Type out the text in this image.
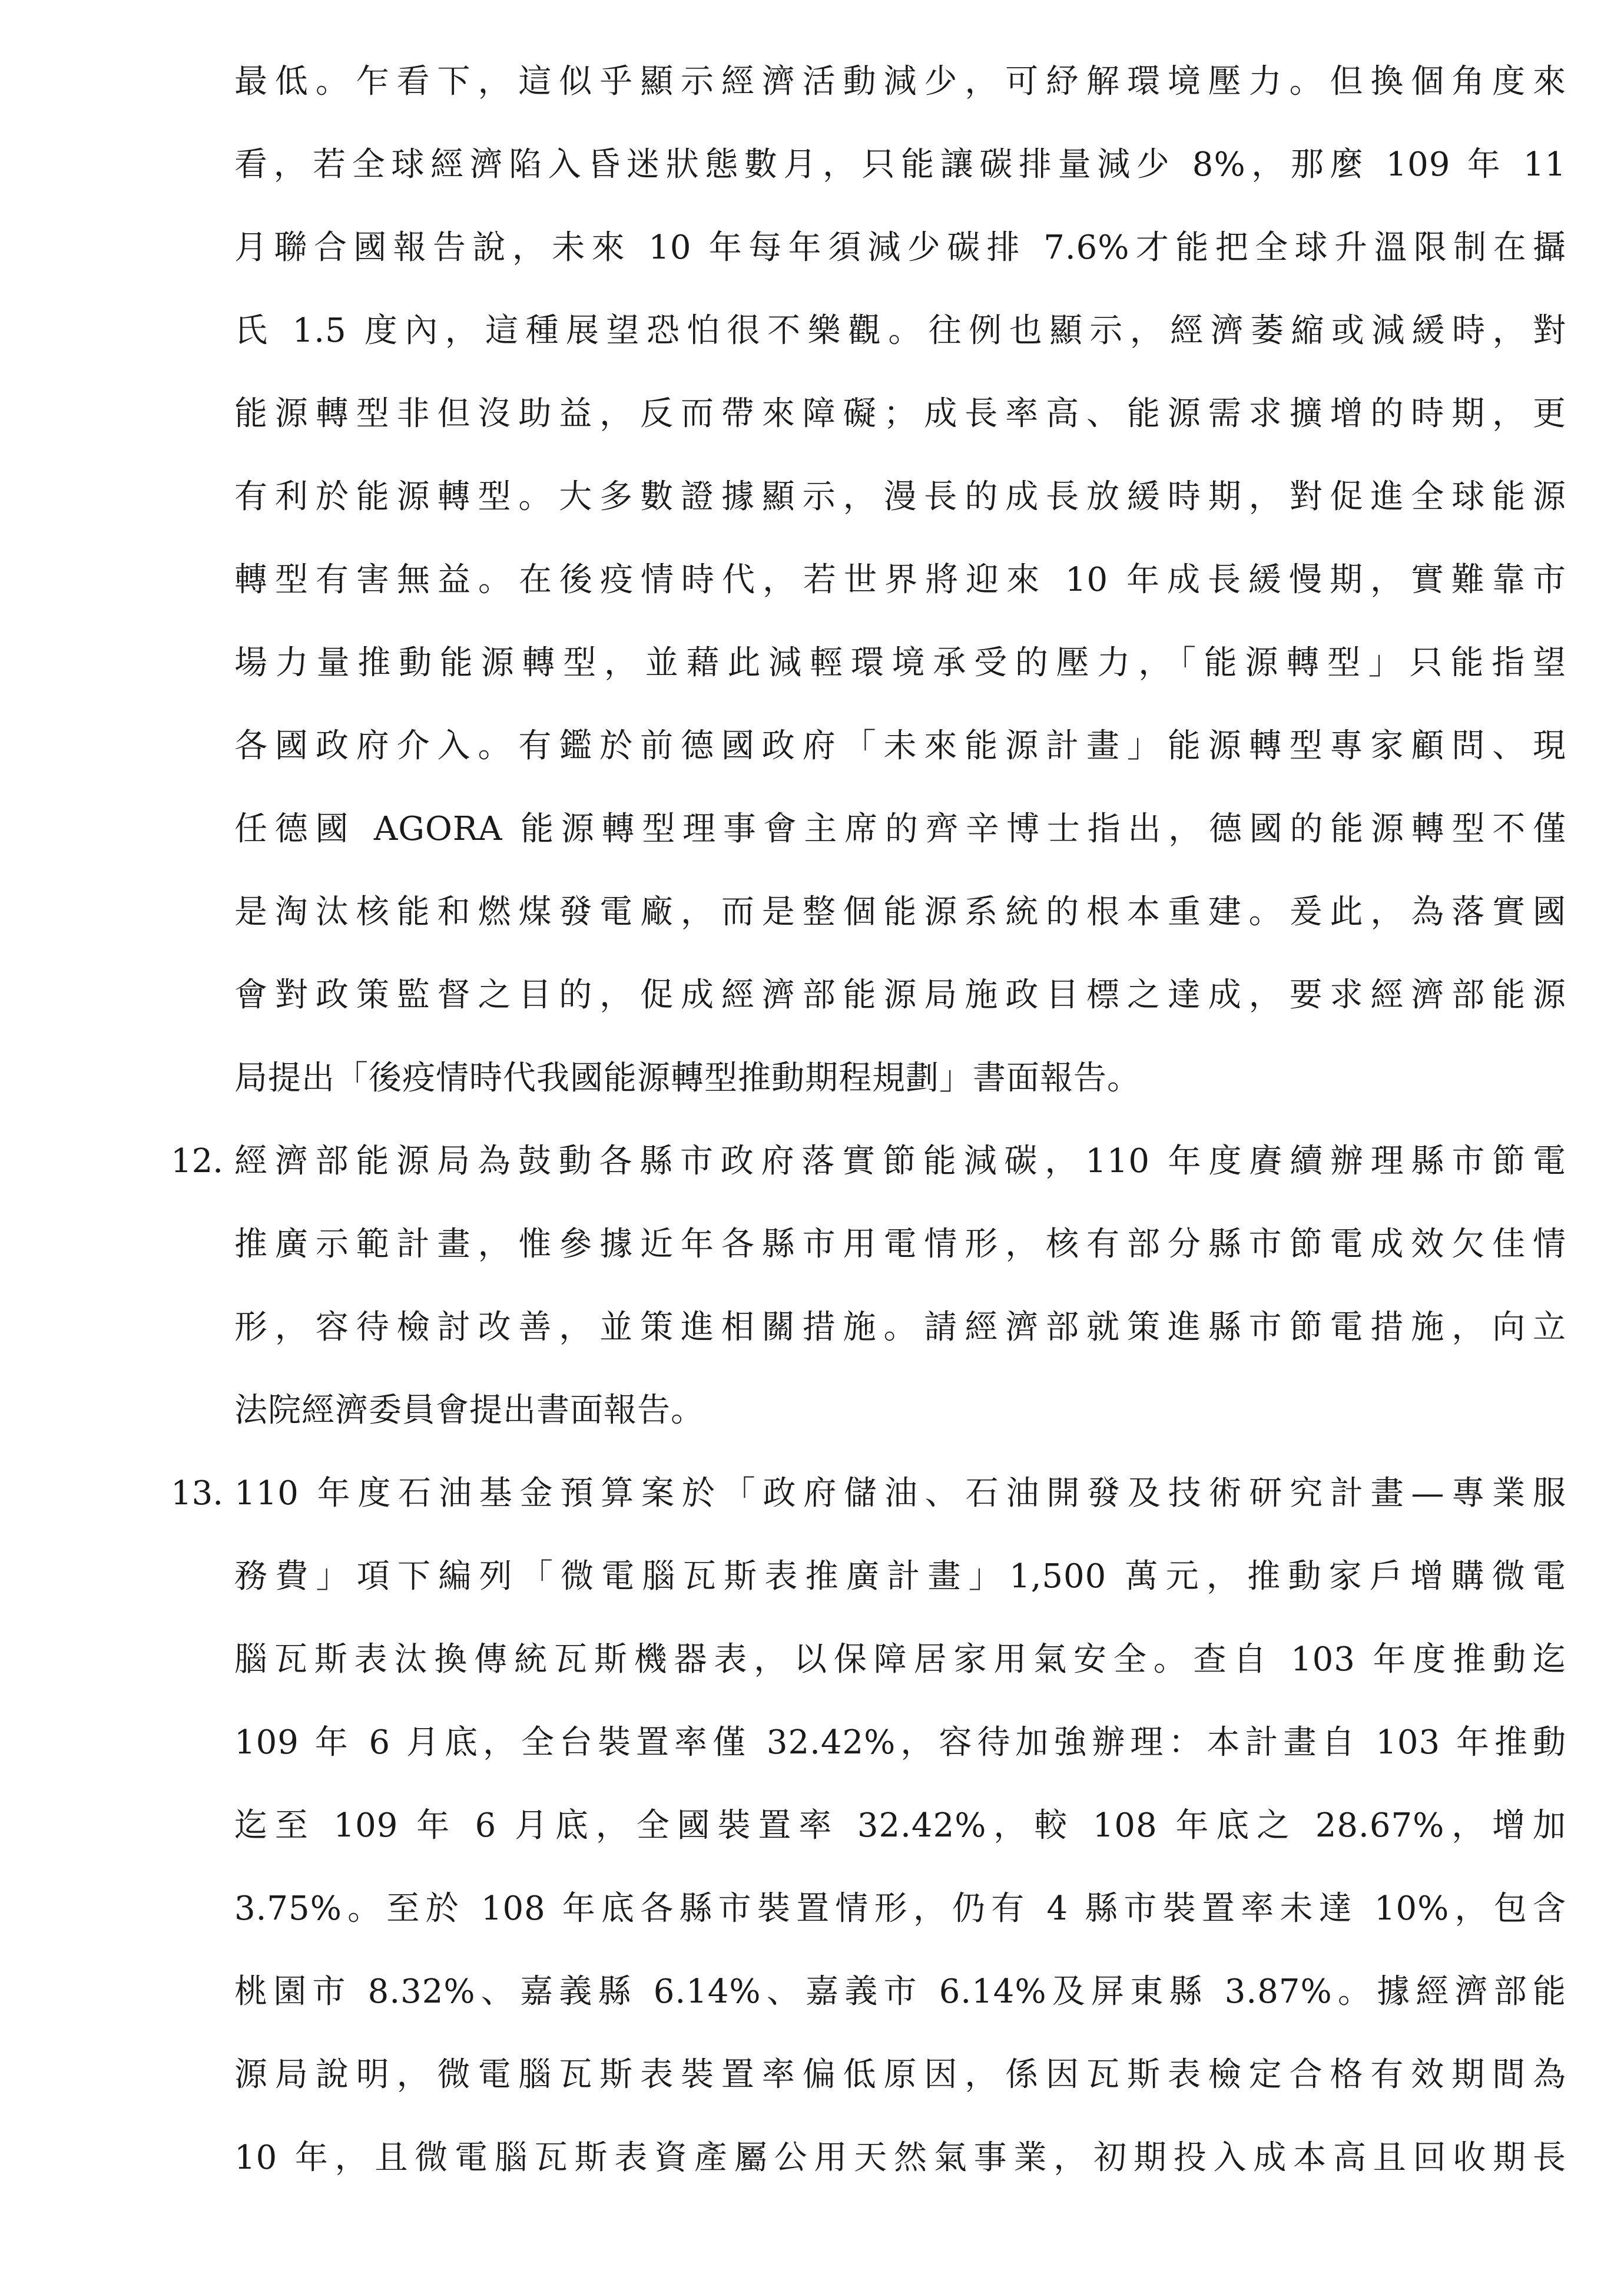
最低。乍看下，這似乎顯示經濟活動減少，可紓解環境壓力。但換個角度來
看，若全球經濟陷入昏迷狀態數月，只能讓碳排量減少 8%，那麼 109 年 11
月聯合國報告說，未來 10 年每年須減少碳排 7.6%才能把全球升溫限制在攝
氏 1.5 度內，這種展望恐怕很不樂觀。往例也顯示，經濟萎縮或減緩時，對
能源轉型非但沒助益，反而帶來障礙；成長率高、能源需求擴增的時期，更
有利於能源轉型。大多數證據顯示，漫長的成長放緩時期，對促進全球能源
轉型有害無益。在後疫情時代，若世界將迎來 10 年成長緩慢期，實難靠市
場力量推動能源轉型，並藉此減輕環境承受的壓力，「能源轉型」只能指望
各國政府介入。有鑑於前德國政府「未來能源計畫」能源轉型專家顧問、現
任德國 AGORA 能源轉型理事會主席的齊辛博士指出，德國的能源轉型不僅
是淘汰核能和燃煤發電廠，而是整個能源系統的根本重建。爰此，為落實國
會對政策監督之目的，促成經濟部能源局施政目標之達成，要求經濟部能源
局提出「後疫情時代我國能源轉型推動期程規劃」書面報告。
12. 經濟部能源局為鼓動各縣市政府落實節能減碳，110 年度賡續辦理縣市節電
推廣示範計畫，惟參據近年各縣市用電情形，核有部分縣市節電成效欠佳情
形，容待檢討改善，並策進相關措施。請經濟部就策進縣市節電措施，向立
法院經濟委員會提出書面報告。
13. 110 年度石油基金預算案於「政府儲油、石油開發及技術研究計畫—專業服
務費」項下編列「微電腦瓦斯表推廣計畫」1,500 萬元，推動家戶增購微電
腦瓦斯表汰換傳統瓦斯機器表，以保障居家用氣安全。查自 103 年度推動迄
109 年 6 月底，全台裝置率僅 32.42%，容待加強辦理：本計畫自 103 年推動
迄至 109 年 6 月底，全國裝置率 32.42%，較 108 年底之 28.67%，增加
3.75%。至於 108 年底各縣市裝置情形，仍有 4 縣市裝置率未達 10%，包含
桃園市 8.32%、嘉義縣 6.14%、嘉義市 6.14%及屏東縣 3.87%。據經濟部能
源局說明，微電腦瓦斯表裝置率偏低原因，係因瓦斯表檢定合格有效期間為
10 年，且微電腦瓦斯表資產屬公用天然氣事業，初期投入成本高且回收期長
